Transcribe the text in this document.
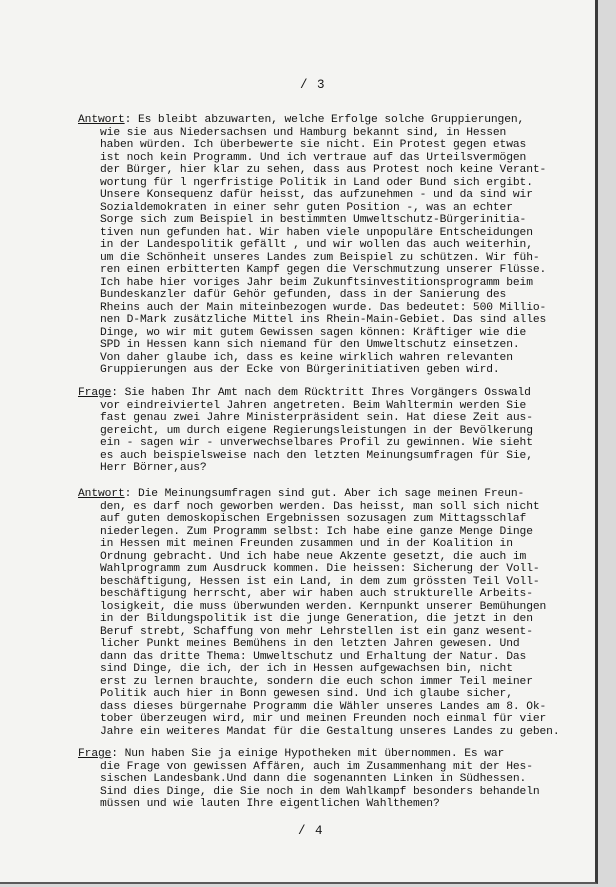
/ 3
Antwort: Es bleibt abzuwarten, welche Erfolge solche Gruppierungen,
wie sie aus Niedersachsen und Hamburg bekannt sind, in Hessen
haben würden. Ich überbewerte sie nicht. Ein Protest gegen etwas
ist noch kein Programm. Und ich vertraue auf das Urteilsvermögen
der Bürger, hier klar zu sehen, dass aus Protest noch keine Verant-
wortung für l ngerfristige Politik in Land oder Bund sich ergibt.
Unsere Konsequenz dafür heisst, das aufzunehmen - und da sind wir
Sozialdemokraten in einer sehr guten Position -, was an echter
Sorge sich zum Beispiel in bestimmten Umweltschutz-Bürgerinitia-
tiven nun gefunden hat. Wir haben viele unpopuläre Entscheidungen
in der Landespolitik gefällt , und wir wollen das auch weiterhin,
um die Schönheit unseres Landes zum Beispiel zu schützen. Wir füh-
ren einen erbitterten Kampf gegen die Verschmutzung unserer Flüsse.
Ich habe hier voriges Jahr beim Zukunftsinvestitionsprogramm beim
Bundeskanzler dafür Gehör gefunden, dass in der Sanierung des
Rheins auch der Main miteinbezogen wurde. Das bedeutet: 500 Millio-
nen D-Mark zusätzliche Mittel ins Rhein-Main-Gebiet. Das sind alles
Dinge, wo wir mit gutem Gewissen sagen können: Kräftiger wie die
SPD in Hessen kann sich niemand für den Umweltschutz einsetzen.
Von daher glaube ich, dass es keine wirklich wahren relevanten
Gruppierungen aus der Ecke von Bürgerinitiativen geben wird.
Frage: Sie haben Ihr Amt nach dem Rücktritt Ihres Vorgängers Osswald
vor eindreiviertel Jahren angetreten. Beim Wahltermin werden Sie
fast genau zwei Jahre Ministerpräsident sein. Hat diese Zeit aus-
gereicht, um durch eigene Regierungsleistungen in der Bevölkerung
ein - sagen wir - unverwechselbares Profil zu gewinnen. Wie sieht
es auch beispielsweise nach den letzten Meinungsumfragen für Sie,
Herr Börner,aus?
Antwort: Die Meinungsumfragen sind gut. Aber ich sage meinen Freun-
den, es darf noch geworben werden. Das heisst, man soll sich nicht
auf guten demoskopischen Ergebnissen sozusagen zum Mittagsschlaf
niederlegen. Zum Programm selbst: Ich habe eine ganze Menge Dinge
in Hessen mit meinen Freunden zusammen und in der Koalition in
Ordnung gebracht. Und ich habe neue Akzente gesetzt, die auch im
Wahlprogramm zum Ausdruck kommen. Die heissen: Sicherung der Voll-
beschäftigung, Hessen ist ein Land, in dem zum grössten Teil Voll-
beschäftigung herrscht, aber wir haben auch strukturelle Arbeits-
losigkeit, die muss überwunden werden. Kernpunkt unserer Bemühungen
in der Bildungspolitik ist die junge Generation, die jetzt in den
Beruf strebt, Schaffung von mehr Lehrstellen ist ein ganz wesent-
licher Punkt meines Bemühens in den letzten Jahren gewesen. Und
dann das dritte Thema: Umweltschutz und Erhaltung der Natur. Das
sind Dinge, die ich, der ich in Hessen aufgewachsen bin, nicht
erst zu lernen brauchte, sondern die euch schon immer Teil meiner
Politik auch hier in Bonn gewesen sind. Und ich glaube sicher,
dass dieses bürgernahe Programm die Wähler unseres Landes am 8. Ok-
tober überzeugen wird, mir und meinen Freunden noch einmal für vier
Jahre ein weiteres Mandat für die Gestaltung unseres Landes zu geben.
Frage: Nun haben Sie ja einige Hypotheken mit übernommen. Es war
die Frage von gewissen Affären, auch im Zusammenhang mit der Hes-
sischen Landesbank.Und dann die sogenannten Linken in Südhessen.
Sind dies Dinge, die Sie noch in dem Wahlkampf besonders behandeln
müssen und wie lauten Ihre eigentlichen Wahlthemen?
/ 4
